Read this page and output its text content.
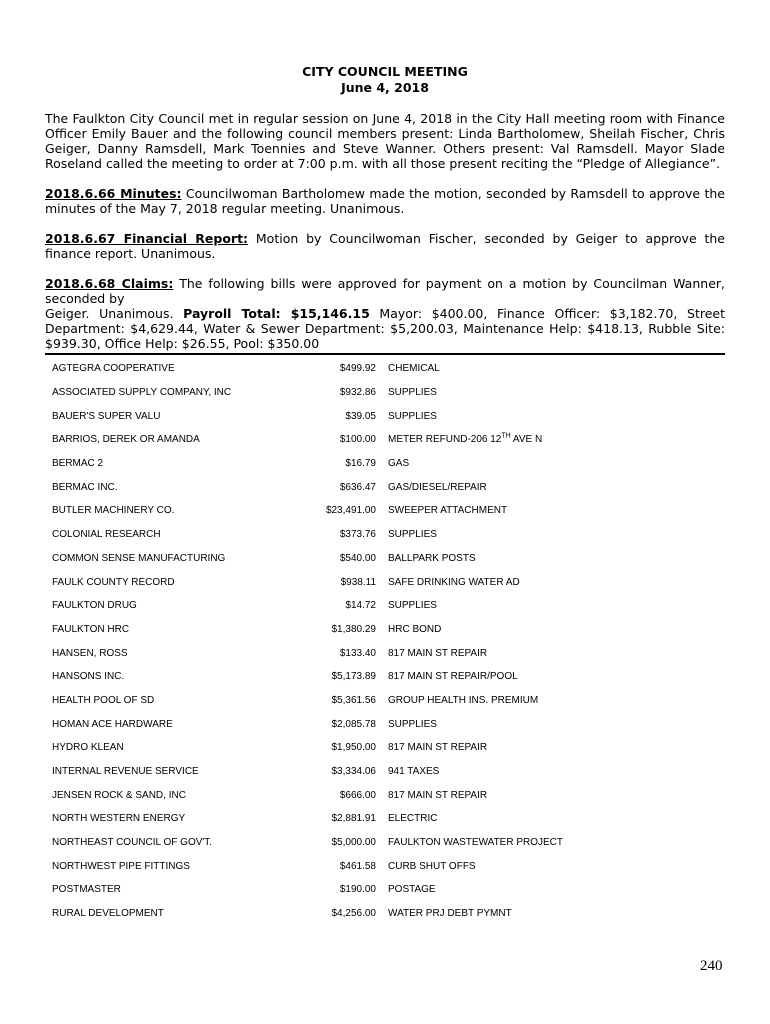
CITY COUNCIL MEETING
June 4, 2018

The Faulkton City Council met in regular session on June 4, 2018 in the City Hall meeting room with Finance Officer Emily Bauer and the following council members present: Linda Bartholomew, Sheilah Fischer, Chris Geiger, Danny Ramsdell, Mark Toennies and Steve Wanner. Others present: Val Ramsdell. Mayor Slade Roseland called the meeting to order at 7:00 p.m. with all those present reciting the “Pledge of Allegiance”.

2018.6.66 Minutes: Councilwoman Bartholomew made the motion, seconded by Ramsdell to approve the minutes of the May 7, 2018 regular meeting. Unanimous.

2018.6.67 Financial Report: Motion by Councilwoman Fischer, seconded by Geiger to approve the finance report. Unanimous.

2018.6.68 Claims: The following bills were approved for payment on a motion by Councilman Wanner, seconded by
Geiger. Unanimous. Payroll Total: $15,146.15 Mayor: $400.00, Finance Officer: $3,182.70, Street Department: $4,629.44, Water & Sewer Department: $5,200.03, Maintenance Help: $418.13, Rubble Site: $939.30, Office Help: $26.55, Pool: $350.00

AGTEGRA COOPERATIVE	$499.92	CHEMICAL
ASSOCIATED SUPPLY COMPANY, INC	$932.86	SUPPLIES
BAUER'S SUPER VALU	$39.05	SUPPLIES
BARRIOS, DEREK OR AMANDA	$100.00	METER REFUND-206 12TH AVE N
BERMAC 2	$16.79	GAS
BERMAC INC.	$636.47	GAS/DIESEL/REPAIR
BUTLER MACHINERY CO.	$23,491.00	SWEEPER ATTACHMENT
COLONIAL RESEARCH	$373.76	SUPPLIES
COMMON SENSE MANUFACTURING	$540.00	BALLPARK POSTS
FAULK COUNTY RECORD	$938.11	SAFE DRINKING WATER AD
FAULKTON DRUG	$14.72	SUPPLIES
FAULKTON HRC	$1,380.29	HRC BOND
HANSEN, ROSS	$133.40	817 MAIN ST REPAIR
HANSONS INC.	$5,173.89	817 MAIN ST REPAIR/POOL
HEALTH POOL OF SD	$5,361.56	GROUP HEALTH INS. PREMIUM
HOMAN ACE HARDWARE	$2,085.78	SUPPLIES
HYDRO KLEAN	$1,950.00	817 MAIN ST REPAIR
INTERNAL REVENUE SERVICE	$3,334.06	941 TAXES
JENSEN ROCK & SAND, INC	$666.00	817 MAIN ST REPAIR
NORTH WESTERN ENERGY	$2,881.91	ELECTRIC
NORTHEAST COUNCIL OF GOV'T.	$5,000.00	FAULKTON WASTEWATER PROJECT
NORTHWEST PIPE FITTINGS	$461.58	CURB SHUT OFFS
POSTMASTER	$190.00	POSTAGE
RURAL DEVELOPMENT	$4,256.00	WATER PRJ DEBT PYMNT
240
